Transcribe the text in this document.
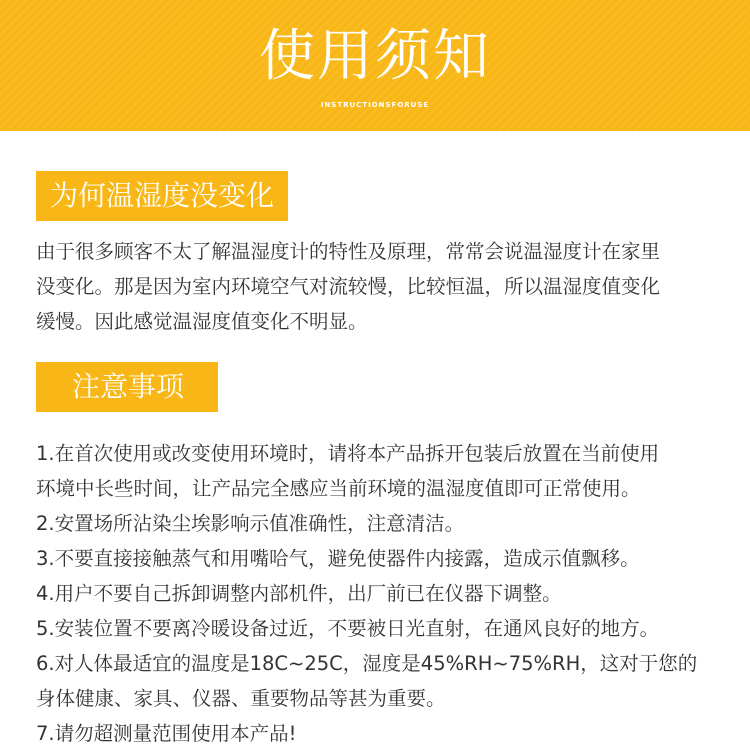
使用须知
INSTRUCTIONSFORUSE
为何温湿度没变化

由于很多顾客不太了解温湿度计的特性及原理，常常会说温湿度计在家里

没变化。那是因为室内环境空气对流较慢，比较恒温，所以温湿度值变化

缓慢。因此感觉温湿度值变化不明显。

注意事项

1.在首次使用或改变使用环境时，请将本产品拆开包装后放置在当前使用

环境中长些时间，让产品完全感应当前环境的温湿度值即可正常使用。

2.安置场所沾染尘埃影响示值准确性，注意清洁。

3.不要直接接触蒸气和用嘴哈气，避免使器件内接露，造成示值飘移。

4.用户不要自己拆卸调整内部机件，出厂前已在仪器下调整。

5.安装位置不要离冷暖设备过近，不要被日光直射，在通风良好的地方。

6.对人体最适宜的温度是18C~25C，湿度是45%RH~75%RH，这对于您的

身体健康、家具、仪器、重要物品等甚为重要。

7.请勿超测量范围使用本产品!
